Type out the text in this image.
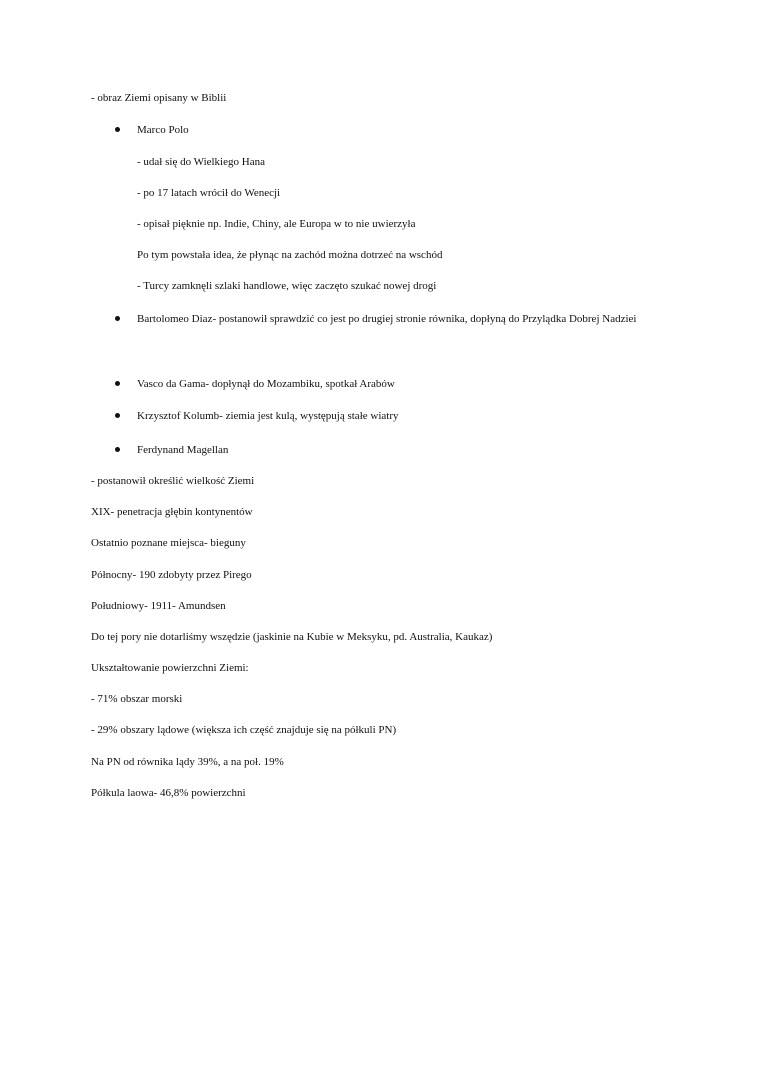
- obraz Ziemi opisany w Biblii
Marco Polo
- udał się do Wielkiego Hana
- po 17 latach wrócił do Wenecji
- opisał pięknie np. Indie, Chiny, ale Europa w to nie uwierzyła
Po tym powstała idea, że płynąc na zachód można dotrzeć na wschód
- Turcy zamknęli szlaki handlowe, więc zaczęto szukać nowej drogi
Bartolomeo Diaz- postanowił sprawdzić co jest po drugiej stronie równika, dopłyną do Przylądka Dobrej Nadziei
Vasco da Gama- dopłynął do Mozambiku, spotkał Arabów
Krzysztof Kolumb- ziemia jest kulą, występują stałe wiatry
Ferdynand Magellan
- postanowił określić wielkość Ziemi
XIX- penetracja głębin kontynentów
Ostatnio poznane miejsca- bieguny
Północny- 190 zdobyty przez Pirego
Południowy- 1911- Amundsen
Do tej pory nie dotarliśmy wszędzie (jaskinie na Kubie w Meksyku, pd. Australia, Kaukaz)
Ukształtowanie powierzchni Ziemi:
- 71% obszar morski
- 29% obszary lądowe (większa ich część znajduje się na półkuli PN)
Na PN od równika lądy 39%, a na poł. 19%
Półkula laowa- 46,8% powierzchni
